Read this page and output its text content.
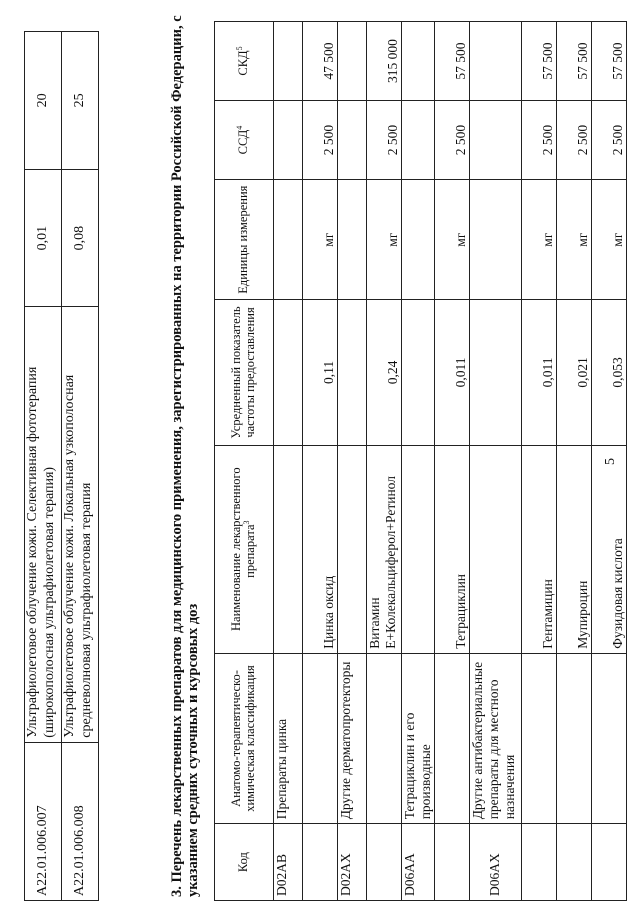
A22.01.006.007	Ультрафиолетовое облучение кожи. Селективная фототерапия (широкополосная ультрафиолетовая терапия)	0,01	20
A22.01.006.008	Ультрафиолетовое облучение кожи. Локальная узкополосная средневолновая ультрафиолетовая терапия	0,08	25
5
3. Перечень лекарственных препаратов для медицинского применения, зарегистрированных на территории Российской Федерации, с указанием средних суточных и курсовых доз	Код	Анатомо-терапевтическо-химическая классификация	Наименование лекарственного препарата$^3$	Усредненный показатель частоты предоставления	Единицы измерения	ССД$^4$	СКД$^5$
D02AB	Препараты цинка					
		Цинка оксид	0,11	мг	2 500	47 500
D02AX	Другие дерматопротекторы					
		Витамин Е+Колекальциферол+Ретинол	0,24	мг	2 500	315 000
D06AA	Тетрациклин и его производные					
		Тетрациклин	0,011	мг	2 500	57 500
D06AX	Другие антибактериальные препараты для местного назначения					
		Гентамицин	0,011	мг	2 500	57 500
		Мупироцин	0,021	мг	2 500	57 500
		Фузидовая кислота	0,053	мг	2 500	57 500
